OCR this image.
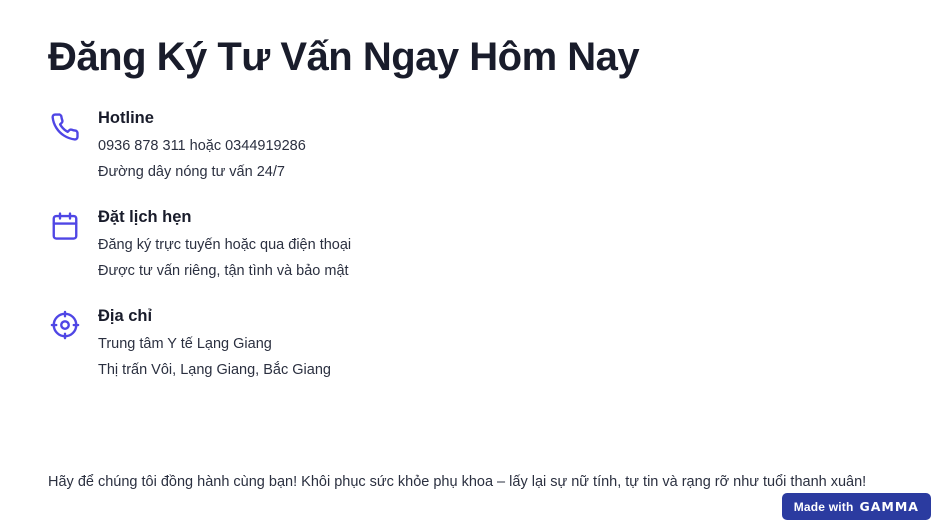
Đăng Ký Tư Vấn Ngay Hôm Nay
Hotline
0936 878 311 hoặc 0344919286
Đường dây nóng tư vấn 24/7
Đặt lịch hẹn
Đăng ký trực tuyến hoặc qua điện thoại
Được tư vấn riêng, tận tình và bảo mật
Địa chỉ
Trung tâm Y tế Lạng Giang
Thị trấn Vôi, Lạng Giang, Bắc Giang
Hãy để chúng tôi đồng hành cùng bạn! Khôi phục sức khỏe phụ khoa – lấy lại sự nữ tính, tự tin và rạng rỡ như tuổi thanh xuân!
Made with GAMMA
